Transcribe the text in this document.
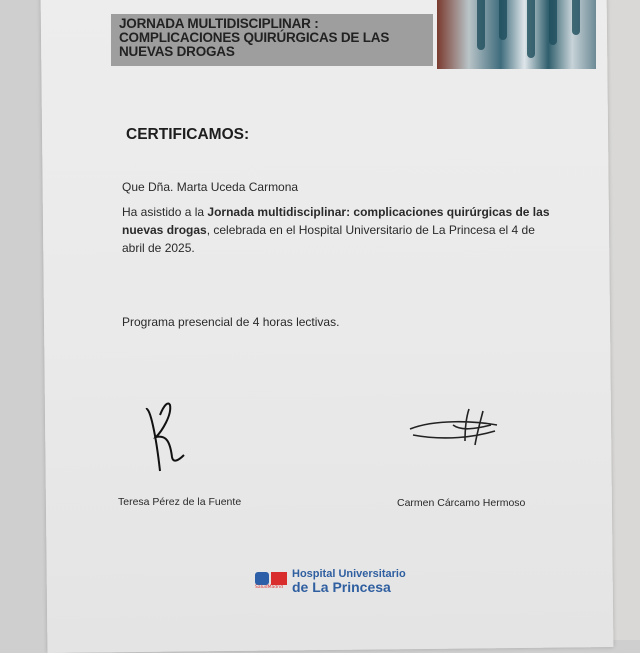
JORNADA MULTIDISCIPLINAR : COMPLICACIONES QUIRÚRGICAS DE LAS NUEVAS DROGAS
CERTIFICAMOS:
Que Dña. Marta Uceda Carmona
Ha asistido a la Jornada multidisciplinar: complicaciones quirúrgicas de las nuevas drogas, celebrada en el Hospital Universitario de La Princesa el 4 de abril de 2025.
Programa presencial de 4 horas lectivas.
Teresa Pérez de la Fuente	Carmen Cárcamo Hermoso
SaludMadrid
Hospital Universitario
de La Princesa
